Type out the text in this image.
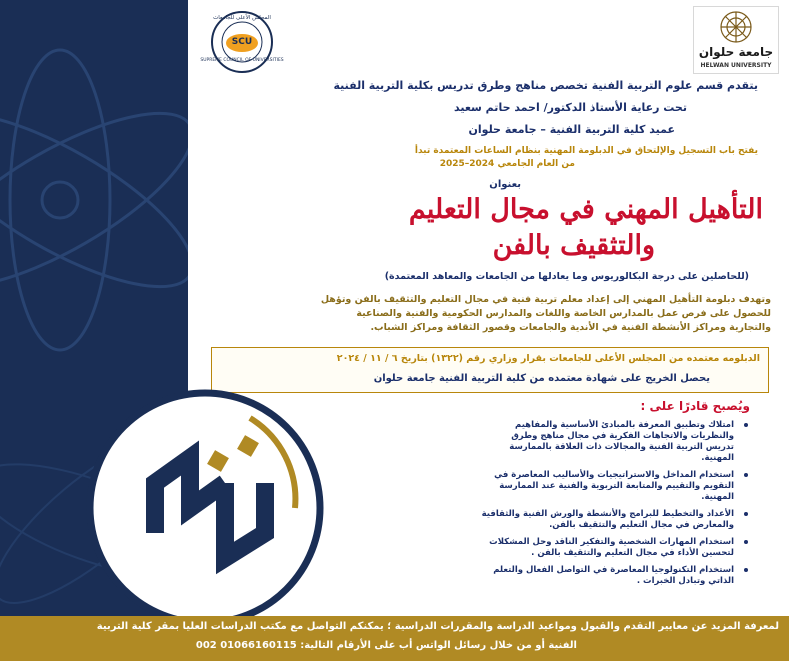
جامعة حلوان
HELWAN UNIVERSITY
SCU
المجلس الأعلى للجامعات
SUPREME COUNCIL OF UNIVERSITIES
يتقدم قسم علوم التربية الفنية تخصص مناهج وطرق تدريس بكلية التربية الفنية
تحت رعاية الأستاذ الدكتور/ احمد حاتم سعيد
عميد كلية التربية الفنية – جامعة حلوان
يفتح باب التسجيل والإلتحاق في الدبلومة المهنية بنظام الساعات المعتمدة تبدأ
من العام الجامعي 2024–2025
بعنوان
التأهيل المهني في مجال التعليم
والتثقيف بالفن
(للحاصلين على درجة البكالوريوس وما يعادلها من الجامعات والمعاهد المعتمدة)
وتهدف دبلومة التأهيل المهني إلى إعداد معلم تربية فنية في مجال التعليم والتثقيف بالفن وتؤهل
للحصول على فرص عمل بالمدارس الخاصة واللغات والمدارس الحكومية والفنية والصناعية
والتجارية ومراكز الأنشطة الفنية في الأندية والجامعات وقصور الثقافة ومراكز الشباب.
الدبلومه معتمده من المجلس الأعلى للجامعات بقرار وزاري رقم (١٣٢٢) بتاريخ ٦ / ١١ / ٢٠٢٤
يحصل الخريج على شهادة معتمده من كلية التربية الفنية جامعة حلوان
ويُصبح قادرًا على :
امتلاك وتطبيق المعرفة بالمبادئ الأساسية والمفاهيم
والنظريات والاتجاهات الفكرية في مجال مناهج وطرق
تدريس التربية الفنية والمجالات ذات العلاقة بالممارسة
المهنية.
استخدام المداخل والاستراتيجيات والأساليب المعاصرة في
التقويم والتقييم والمتابعة التربوية والفنية عند الممارسة
المهنية.
الأعداد والتخطيط للبرامج والأنشطة والورش الفنية والثقافية
والمعارض في مجال التعليم والتثقيف بالفن.
استخدام المهارات الشخصية والتفكير الناقد وحل المشكلات
لتحسين الأداء في مجال التعليم والتثقيف بالفن .
استخدام التكنولوجيا المعاصرة في التواصل الفعال والتعلم
الذاتي وتبادل الخبرات .
لمعرفة المزيد عن معايير التقدم والقبول ومواعيد الدراسة والمقررات الدراسية ؛ يمكنكم التواصل مع مكتب الدراسات العليا بمقر كلية التربية
الفنية أو من خلال رسائل الواتس أب على الأرقام التالية: 01066160115 002
